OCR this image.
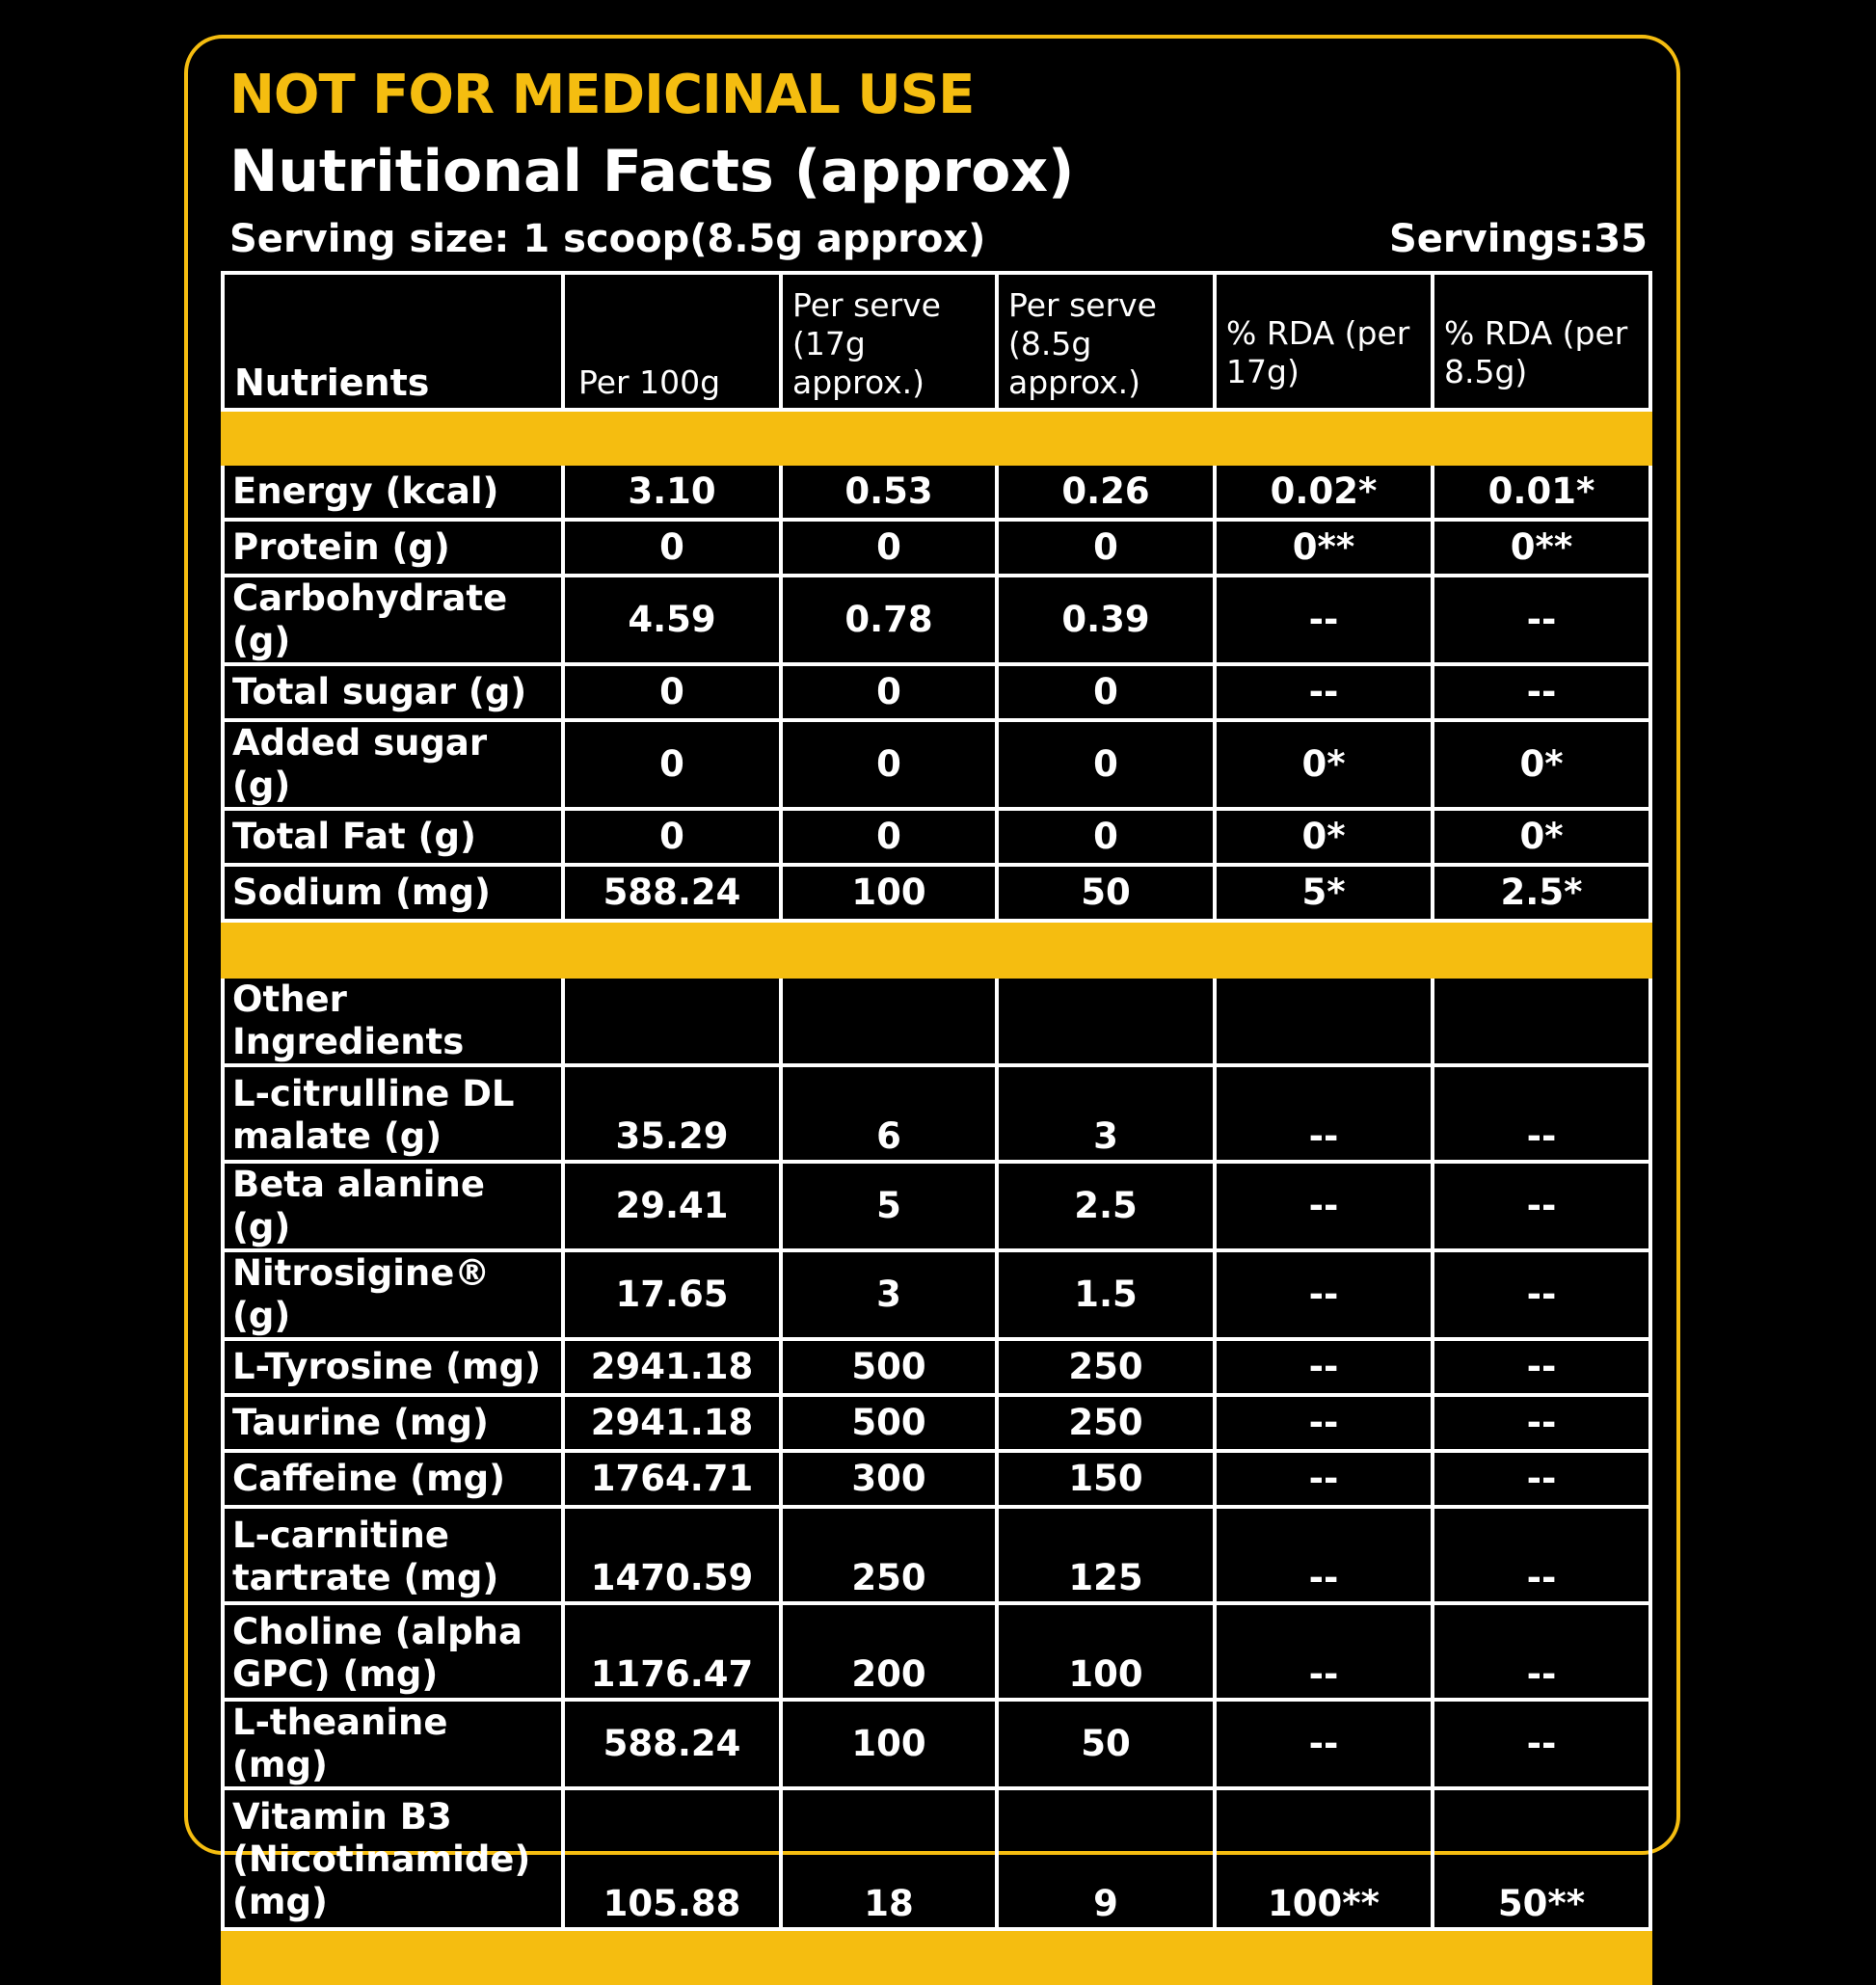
NOT FOR MEDICINAL USE
Nutritional Facts (approx)
Serving size: 1 scoop(8.5g approx)	Servings:35

Nutrients	Per 100g	Per serve (17g approx.)	Per serve (8.5g approx.)	% RDA (per 17g)	% RDA (per 8.5g)
Energy (kcal)	3.10	0.53	0.26	0.02*	0.01*
Protein (g)	0	0	0	0**	0**
Carbohydrate (g)	4.59	0.78	0.39	--	--
Total sugar (g)	0	0	0	--	--
Added sugar (g)	0	0	0	0*	0*
Total Fat (g)	0	0	0	0*	0*
Sodium (mg)	588.24	100	50	5*	2.5*

Other Ingredients					
L-citrulline DL malate (g)	35.29	6	3	--	--
Beta alanine (g)	29.41	5	2.5	--	--
Nitrosigine® (g)	17.65	3	1.5	--	--
L-Tyrosine (mg)	2941.18	500	250	--	--
Taurine (mg)	2941.18	500	250	--	--
Caffeine (mg)	1764.71	300	150	--	--
L-carnitine tartrate (mg)	1470.59	250	125	--	--
Choline (alpha GPC) (mg)	1176.47	200	100	--	--
L-theanine (mg)	588.24	100	50	--	--
Vitamin B3 (Nicotinamide) (mg)	105.88	18	9	100**	50**
